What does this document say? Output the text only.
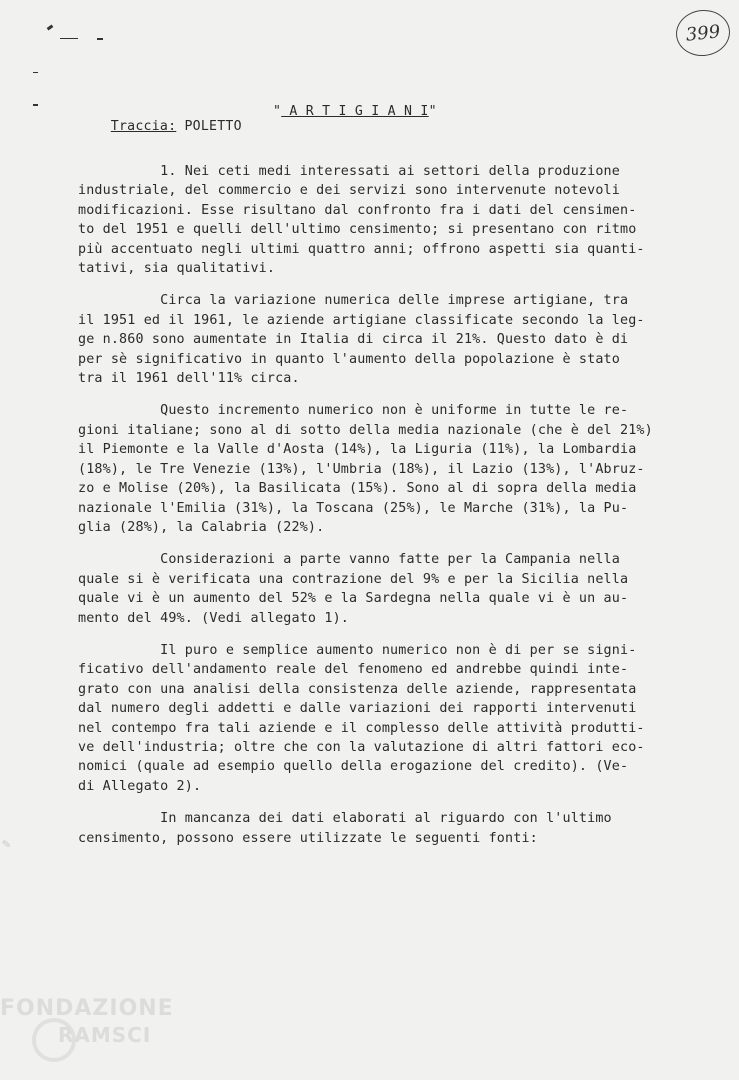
399

Traccia: POLETTO

" A R T I G I A N I"

1. Nei ceti medi interessati ai settori della produzione
industriale, del commercio e dei servizi sono intervenute notevoli
modificazioni. Esse risultano dal confronto fra i dati del censimen-
to del 1951 e quelli dell'ultimo censimento; si presentano con ritmo
più accentuato negli ultimi quattro anni; offrono aspetti sia quanti-
tativi, sia qualitativi.

Circa la variazione numerica delle imprese artigiane, tra
il 1951 ed il 1961, le aziende artigiane classificate secondo la leg-
ge n.860 sono aumentate in Italia di circa il 21%. Questo dato è di
per sè significativo in quanto l'aumento della popolazione è stato
tra il 1961 dell'11% circa.

Questo incremento numerico non è uniforme in tutte le re-
gioni italiane; sono al di sotto della media nazionale (che è del 21%)
il Piemonte e la Valle d'Aosta (14%), la Liguria (11%), la Lombardia
(18%), le Tre Venezie (13%), l'Umbria (18%), il Lazio (13%), l'Abruz-
zo e Molise (20%), la Basilicata (15%). Sono al di sopra della media
nazionale l'Emilia (31%), la Toscana (25%), le Marche (31%), la Pu-
glia (28%), la Calabria (22%).

Considerazioni a parte vanno fatte per la Campania nella
quale si è verificata una contrazione del 9% e per la Sicilia nella
quale vi è un aumento del 52% e la Sardegna nella quale vi è un au-
mento del 49%. (Vedi allegato 1).

Il puro e semplice aumento numerico non è di per se signi-
ficativo dell'andamento reale del fenomeno ed andrebbe quindi inte-
grato con una analisi della consistenza delle aziende, rappresentata
dal numero degli addetti e dalle variazioni dei rapporti intervenuti
nel contempo fra tali aziende e il complesso delle attività produtti-
ve dell'industria; oltre che con la valutazione di altri fattori eco-
nomici (quale ad esempio quello della erogazione del credito). (Ve-
di Allegato 2).

In mancanza dei dati elaborati al riguardo con l'ultimo
censimento, possono essere utilizzate le seguenti fonti:

✎
FONDAZIONE
RAMSCI
